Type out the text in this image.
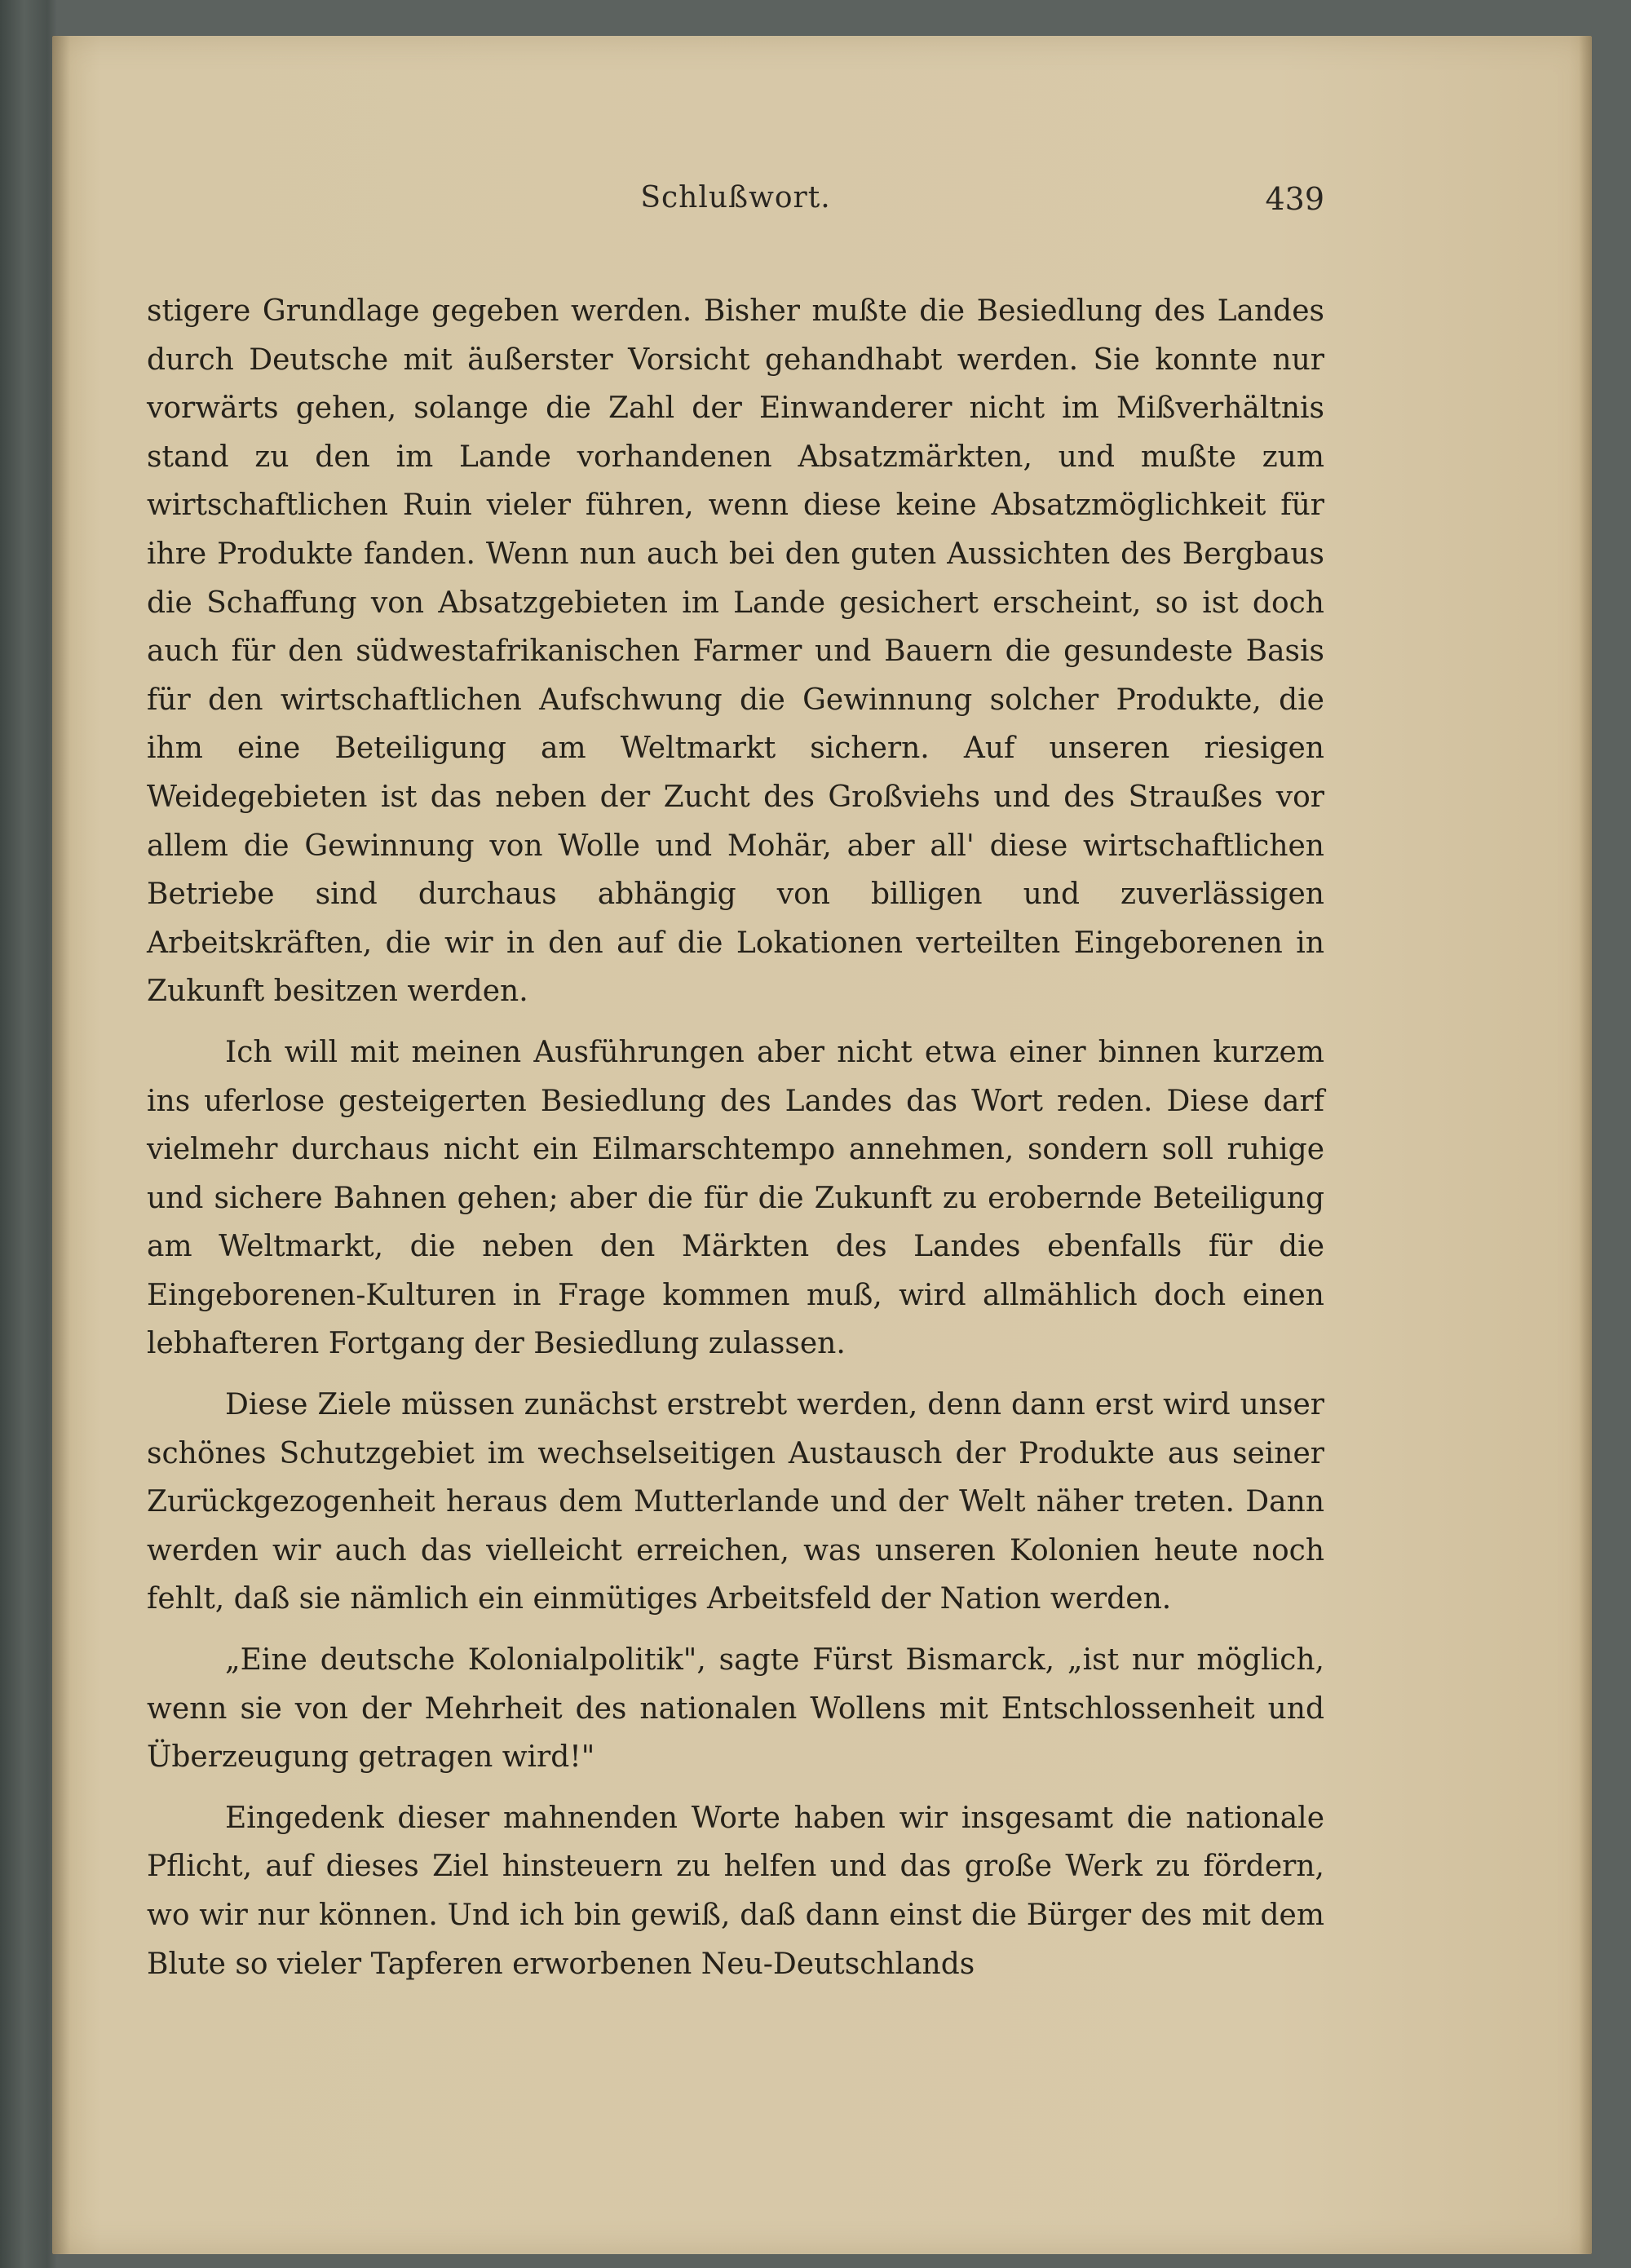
Schlußwort.	439

stigere Grundlage gegeben werden. Bisher mußte die Besiedlung des Landes durch Deutsche mit äußerster Vorsicht gehandhabt werden. Sie konnte nur vorwärts gehen, solange die Zahl der Einwanderer nicht im Mißverhältnis stand zu den im Lande vorhandenen Absatzmärkten, und mußte zum wirtschaftlichen Ruin vieler führen, wenn diese keine Absatzmöglichkeit für ihre Produkte fanden. Wenn nun auch bei den guten Aussichten des Bergbaus die Schaffung von Absatzgebieten im Lande gesichert erscheint, so ist doch auch für den südwestafrikanischen Farmer und Bauern die gesundeste Basis für den wirtschaftlichen Aufschwung die Gewinnung solcher Produkte, die ihm eine Beteiligung am Weltmarkt sichern. Auf unseren riesigen Weidegebieten ist das neben der Zucht des Großviehs und des Straußes vor allem die Gewinnung von Wolle und Mohär, aber all' diese wirtschaftlichen Betriebe sind durchaus abhängig von billigen und zuverlässigen Arbeitskräften, die wir in den auf die Lokationen verteilten Eingeborenen in Zukunft besitzen werden.

Ich will mit meinen Ausführungen aber nicht etwa einer binnen kurzem ins uferlose gesteigerten Besiedlung des Landes das Wort reden. Diese darf vielmehr durchaus nicht ein Eilmarschtempo annehmen, sondern soll ruhige und sichere Bahnen gehen; aber die für die Zukunft zu erobernde Beteiligung am Weltmarkt, die neben den Märkten des Landes ebenfalls für die Eingeborenen-Kulturen in Frage kommen muß, wird allmählich doch einen lebhafteren Fortgang der Besiedlung zulassen.

Diese Ziele müssen zunächst erstrebt werden, denn dann erst wird unser schönes Schutzgebiet im wechselseitigen Austausch der Produkte aus seiner Zurückgezogenheit heraus dem Mutterlande und der Welt näher treten. Dann werden wir auch das vielleicht erreichen, was unseren Kolonien heute noch fehlt, daß sie nämlich ein einmütiges Arbeitsfeld der Nation werden.

„Eine deutsche Kolonialpolitik", sagte Fürst Bismarck, „ist nur möglich, wenn sie von der Mehrheit des nationalen Wollens mit Entschlossenheit und Überzeugung getragen wird!"

Eingedenk dieser mahnenden Worte haben wir insgesamt die nationale Pflicht, auf dieses Ziel hinsteuern zu helfen und das große Werk zu fördern, wo wir nur können. Und ich bin gewiß, daß dann einst die Bürger des mit dem Blute so vieler Tapferen erworbenen Neu-Deutschlands
